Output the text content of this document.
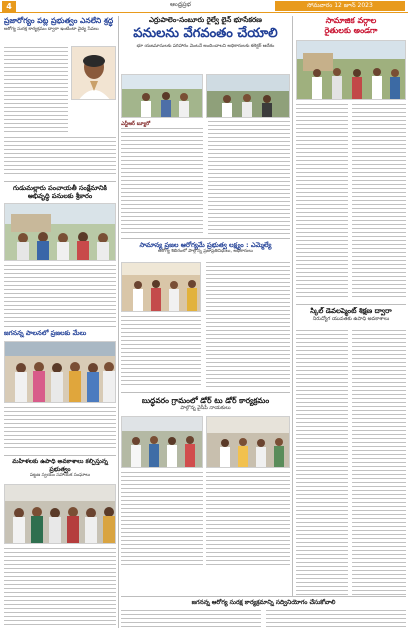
4	ఆంధ్రప్రభ	సోమవారం 12 జూన్ 2023
ప్రజారోగ్యం పట్ల ప్రభుత్వం ఎనలేని శ్రద్ధ
ఆరోగ్య సురక్ష కార్యక్రమం ద్వారా ఇంటింటా వైద్య సేవలు
గుడుమల్లారు పంచాయతీ సంక్షేమానికి
అభివృద్ధి పనులకు శ్రీకారం
జగనన్న పాలనలో ప్రజలకు మేలు
మహిళలకు ఉపాధి అవకాశాలు కల్పిస్తున్న ప్రభుత్వం
పట్టణ స్వయం సహాయక సంఘాలు
ఎర్రుపాలెం-సంబూరు రైల్వే లైన్ భూసేకరణ
పనులను వేగవంతం చేయాలి
భూ యజమానులకు పరిహారం వెంటనే అందించాలని అధికారులకు కలెక్టర్ ఆదేశం
ఎన్టీఆర్ బ్యూరో
సామాన్య ప్రజల ఆరోగ్యమే ప్రభుత్వ లక్ష్యం : ఎమ్మెల్యే
ఆరోగ్య శిబిరంలో పాల్గొన్న ప్రజాప్రతినిధులు, అధికారులు
బుద్ధవరం గ్రామంలో డోర్ టు డోర్ కార్యక్రమం
పాల్గొన్న వైసీపీ నాయకులు
సామాజిక వర్గాల
రైతులకు అండగా
స్కిల్ డెవలప్మెంట్ శిక్షణ ద్వారా
నిరుద్యోగ యువతకు ఉపాధి అవకాశాలు
జగనన్న ఆరోగ్య సురక్ష కార్యక్రమాన్ని సద్వినియోగం చేసుకోవాలి
